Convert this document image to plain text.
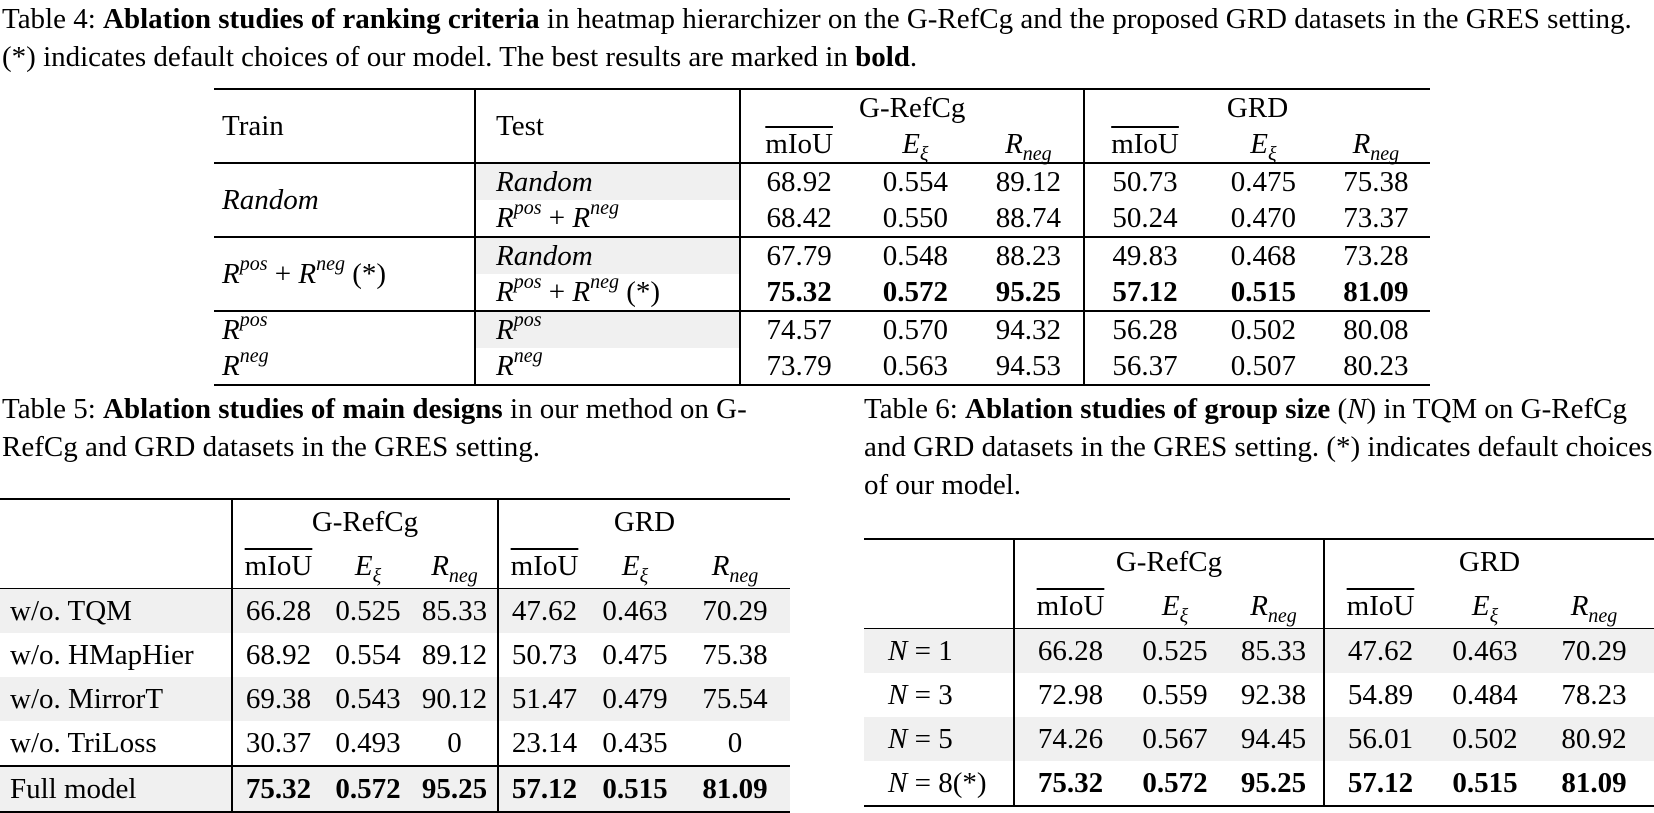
Table 4: Ablation studies of ranking criteria in heatmap hierarchizer on the G-RefCg and the proposed GRD datasets in the GRES setting. (*) indicates default choices of our model. The best results are marked in bold.
Train	Test	G-RefCg			GRD		
		mIoU	$E_\xi$	$R_{neg}$	mIoU	$E_\xi$	$R_{neg}$
Random	Random	68.92	0.554	89.12	50.73	0.475	75.38
	$R^{pos} + R^{neg}$	68.42	0.550	88.74	50.24	0.470	73.37
$R^{pos} + R^{neg}$ (*)	Random	67.79	0.548	88.23	49.83	0.468	73.28
	$R^{pos} + R^{neg}$ (*)	75.32	0.572	95.25	57.12	0.515	81.09
$R^{pos}$	$R^{pos}$	74.57	0.570	94.32	56.28	0.502	80.08
$R^{neg}$	$R^{neg}$	73.79	0.563	94.53	56.37	0.507	80.23
Table 5: Ablation studies of main designs in our method on G-RefCg and GRD datasets in the GRES setting.
	G-RefCg			GRD		
	mIoU	$E_\xi$	$R_{neg}$	mIoU	$E_\xi$	$R_{neg}$
w/o. TQM	66.28	0.525	85.33	47.62	0.463	70.29
w/o. HMapHier	68.92	0.554	89.12	50.73	0.475	75.38
w/o. MirrorT	69.38	0.543	90.12	51.47	0.479	75.54
w/o. TriLoss	30.37	0.493	0	23.14	0.435	0
Full model	75.32	0.572	95.25	57.12	0.515	81.09
Table 6: Ablation studies of group size (N) in TQM on G-RefCg and GRD datasets in the GRES setting. (*) indicates default choices of our model.
	G-RefCg			GRD		
	mIoU	$E_\xi$	$R_{neg}$	mIoU	$E_\xi$	$R_{neg}$
N = 1	66.28	0.525	85.33	47.62	0.463	70.29
N = 3	72.98	0.559	92.38	54.89	0.484	78.23
N = 5	74.26	0.567	94.45	56.01	0.502	80.92
N = 8(*)	75.32	0.572	95.25	57.12	0.515	81.09
